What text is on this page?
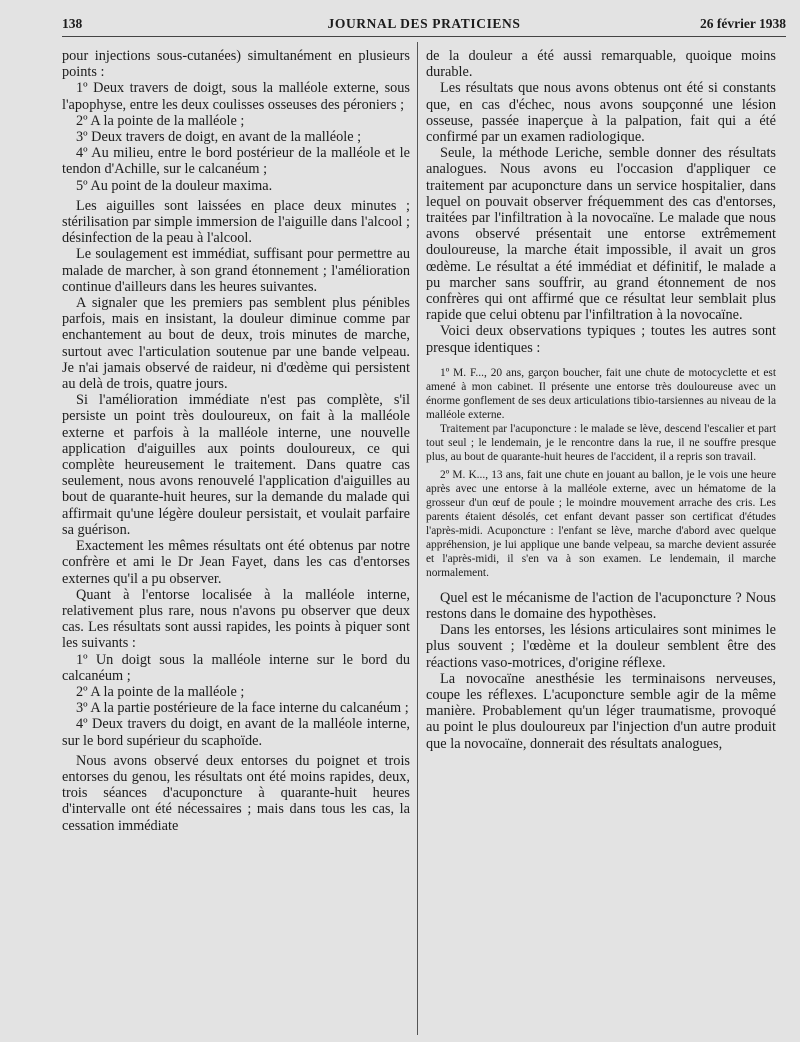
138	JOURNAL DES PRATICIENS	26 février 1938

pour injections sous-cutanées) simultanément en plusieurs points :

1º Deux travers de doigt, sous la malléole externe, sous l'apophyse, entre les deux coulisses osseuses des péroniers ;

2º A la pointe de la malléole ;

3º Deux travers de doigt, en avant de la malléole ;

4º Au milieu, entre le bord postérieur de la malléole et le tendon d'Achille, sur le calcanéum ;

5º Au point de la douleur maxima.

Les aiguilles sont laissées en place deux minutes ; stérilisation par simple immersion de l'aiguille dans l'alcool ; désinfection de la peau à l'alcool.

Le soulagement est immédiat, suffisant pour permettre au malade de marcher, à son grand étonnement ; l'amélioration continue d'ailleurs dans les heures suivantes.

A signaler que les premiers pas semblent plus pénibles parfois, mais en insistant, la douleur diminue comme par enchantement au bout de deux, trois minutes de marche, surtout avec l'articulation soutenue par une bande velpeau. Je n'ai jamais observé de raideur, ni d'œdème qui persistent au delà de trois, quatre jours.

Si l'amélioration immédiate n'est pas complète, s'il persiste un point très douloureux, on fait à la malléole externe et parfois à la malléole interne, une nouvelle application d'aiguilles aux points douloureux, ce qui complète heureusement le traitement. Dans quatre cas seulement, nous avons renouvelé l'application d'aiguilles au bout de quarante-huit heures, sur la demande du malade qui affirmait qu'une légère douleur persistait, et voulait parfaire sa guérison.

Exactement les mêmes résultats ont été obtenus par notre confrère et ami le Dr Jean Fayet, dans les cas d'entorses externes qu'il a pu observer.

Quant à l'entorse localisée à la malléole interne, relativement plus rare, nous n'avons pu observer que deux cas. Les résultats sont aussi rapides, les points à piquer sont les suivants :

1º Un doigt sous la malléole interne sur le bord du calcanéum ;

2º A la pointe de la malléole ;

3º A la partie postérieure de la face interne du calcanéum ;

4º Deux travers du doigt, en avant de la malléole interne, sur le bord supérieur du scaphoïde.

Nous avons observé deux entorses du poignet et trois entorses du genou, les résultats ont été moins rapides, deux, trois séances d'acuponcture à quarante-huit heures d'intervalle ont été nécessaires ; mais dans tous les cas, la cessation immédiate

de la douleur a été aussi remarquable, quoique moins durable.

Les résultats que nous avons obtenus ont été si constants que, en cas d'échec, nous avons soupçonné une lésion osseuse, passée inaperçue à la palpation, fait qui a été confirmé par un examen radiologique.

Seule, la méthode Leriche, semble donner des résultats analogues. Nous avons eu l'occasion d'appliquer ce traitement par acuponcture dans un service hospitalier, dans lequel on pouvait observer fréquemment des cas d'entorses, traitées par l'infiltration à la novocaïne. Le malade que nous avons observé présentait une entorse extrêmement douloureuse, la marche était impossible, il avait un gros œdème. Le résultat a été immédiat et définitif, le malade a pu marcher sans souffrir, au grand étonnement de nos confrères qui ont affirmé que ce résultat leur semblait plus rapide que celui obtenu par l'infiltration à la novocaïne.

Voici deux observations typiques ; toutes les autres sont presque identiques :

1º M. F..., 20 ans, garçon boucher, fait une chute de motocyclette et est amené à mon cabinet. Il présente une entorse très douloureuse avec un énorme gonflement de ses deux articulations tibio-tarsiennes au niveau de la malléole externe.

Traitement par l'acuponcture : le malade se lève, descend l'escalier et part tout seul ; le lendemain, je le rencontre dans la rue, il ne souffre presque plus, au bout de quarante-huit heures de l'accident, il a repris son travail.

2º M. K..., 13 ans, fait une chute en jouant au ballon, je le vois une heure après avec une entorse à la malléole externe, avec un hématome de la grosseur d'un œuf de poule ; le moindre mouvement arrache des cris. Les parents étaient désolés, cet enfant devant passer son certificat d'études l'après-midi. Acuponcture : l'enfant se lève, marche d'abord avec quelque appréhension, je lui applique une bande velpeau, sa marche devient assurée et l'après-midi, il s'en va à son examen. Le lendemain, il marche normalement.

Quel est le mécanisme de l'action de l'acuponcture ? Nous restons dans le domaine des hypothèses.

Dans les entorses, les lésions articulaires sont minimes le plus souvent ; l'œdème et la douleur semblent être des réactions vaso-motrices, d'origine réflexe.

La novocaïne anesthésie les terminaisons nerveuses, coupe les réflexes. L'acuponcture semble agir de la même manière. Probablement qu'un léger traumatisme, provoqué au point le plus douloureux par l'injection d'un autre produit que la novocaïne, donnerait des résultats analogues,
